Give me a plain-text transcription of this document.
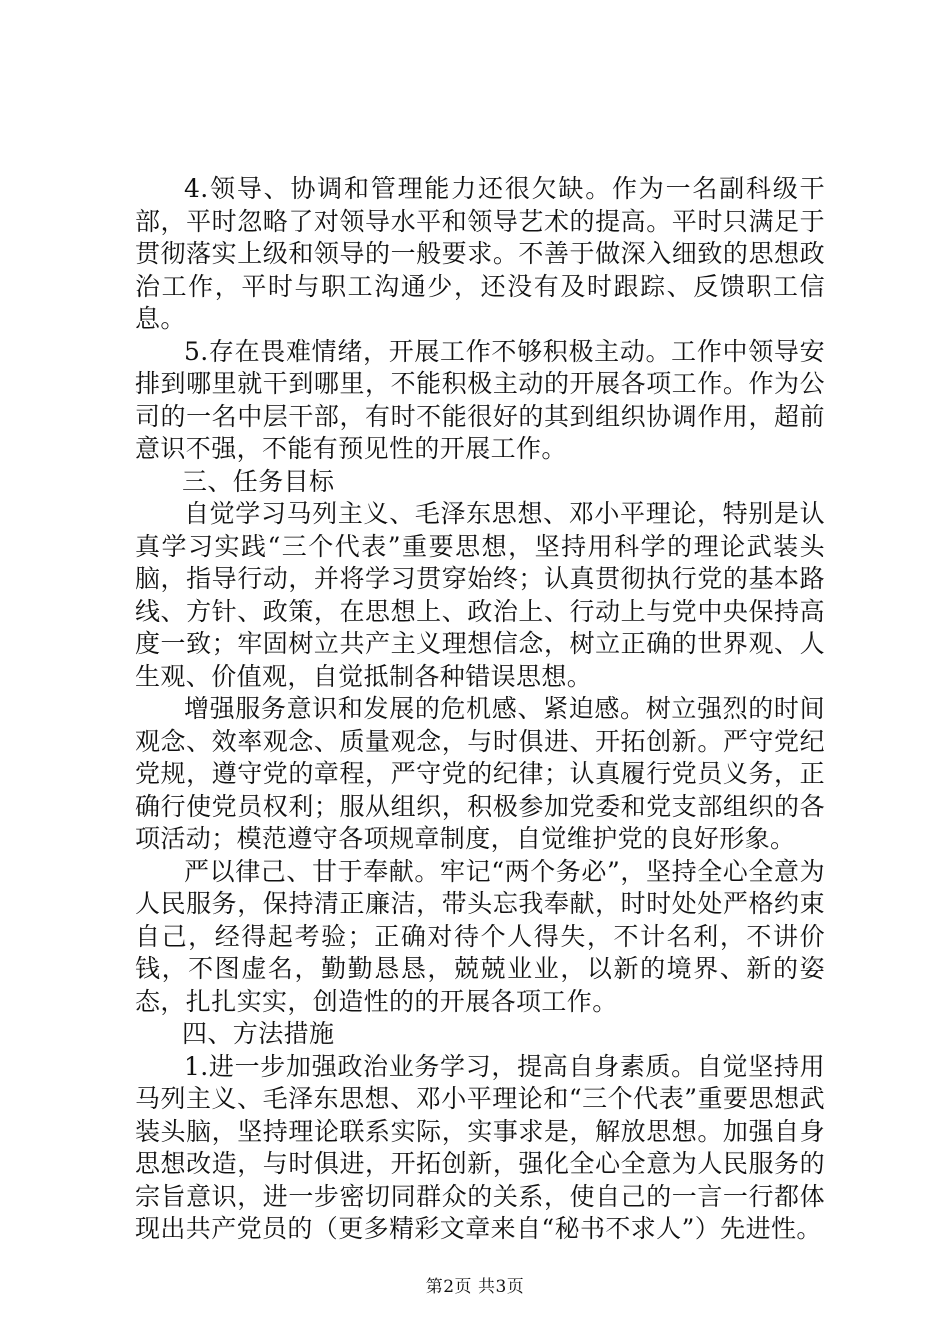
4.领导、协调和管理能力还很欠缺。作为一名副科级干部，平时忽略了对领导水平和领导艺术的提高。平时只满足于贯彻落实上级和领导的一般要求。不善于做深入细致的思想政治工作，平时与职工沟通少，还没有及时跟踪、反馈职工信息。

5.存在畏难情绪，开展工作不够积极主动。工作中领导安排到哪里就干到哪里，不能积极主动的开展各项工作。作为公司的一名中层干部，有时不能很好的其到组织协调作用，超前意识不强，不能有预见性的开展工作。

三、任务目标

自觉学习马列主义、毛泽东思想、邓小平理论，特别是认真学习实践“三个代表”重要思想，坚持用科学的理论武装头脑，指导行动，并将学习贯穿始终；认真贯彻执行党的基本路线、方针、政策，在思想上、政治上、行动上与党中央保持高度一致；牢固树立共产主义理想信念，树立正确的世界观、人生观、价值观，自觉抵制各种错误思想。

增强服务意识和发展的危机感、紧迫感。树立强烈的时间观念、效率观念、质量观念，与时俱进、开拓创新。严守党纪党规，遵守党的章程，严守党的纪律；认真履行党员义务，正确行使党员权利；服从组织，积极参加党委和党支部组织的各项活动；模范遵守各项规章制度，自觉维护党的良好形象。

严以律己、甘于奉献。牢记“两个务必”，坚持全心全意为人民服务，保持清正廉洁，带头忘我奉献，时时处处严格约束自己，经得起考验；正确对待个人得失，不计名利，不讲价钱，不图虚名，勤勤恳恳，兢兢业业，以新的境界、新的姿态，扎扎实实，创造性的的开展各项工作。

四、方法措施

1.进一步加强政治业务学习，提高自身素质。自觉坚持用马列主义、毛泽东思想、邓小平理论和“三个代表”重要思想武装头脑，坚持理论联系实际，实事求是，解放思想。加强自身思想改造，与时俱进，开拓创新，强化全心全意为人民服务的宗旨意识，进一步密切同群众的关系，使自己的一言一行都体现出共产党员的（更多精彩文章来自“秘书不求人”）先进性。

第2页 共3页
